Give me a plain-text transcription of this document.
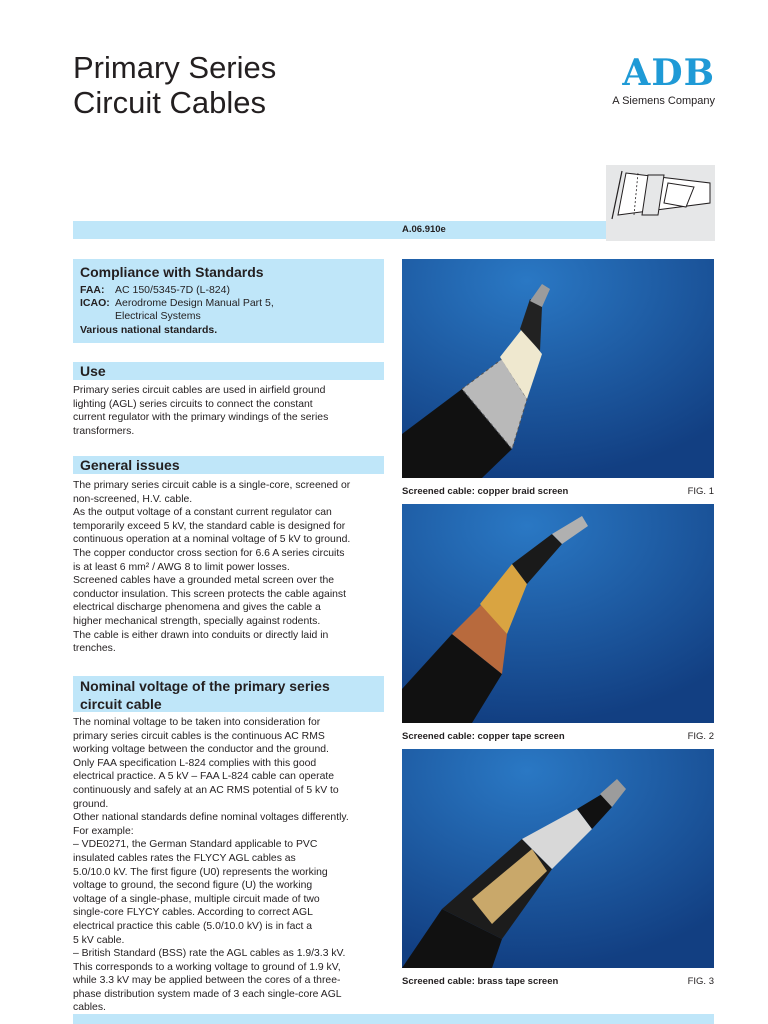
Primary Series
Circuit Cables
ADB
A Siemens Company
A.06.910e
Compliance with Standards
FAA: AC 150/5345-7D (L-824)
ICAO: Aerodrome Design Manual Part 5,
Electrical Systems
Various national standards.
Use

Primary series circuit cables are used in airfield ground

lighting (AGL) series circuits to connect the constant

current regulator with the primary windings of the series

transformers.

General issues

The primary series circuit cable is a single-core, screened or

non-screened, H.V. cable.

As the output voltage of a constant current regulator can

temporarily exceed 5 kV, the standard cable is designed for

continuous operation at a nominal voltage of 5 kV to ground.

The copper conductor cross section for 6.6 A series circuits

is at least 6 mm² / AWG 8 to limit power losses.

Screened cables have a grounded metal screen over the

conductor insulation. This screen protects the cable against

electrical discharge phenomena and gives the cable a

higher mechanical strength, specially against rodents.

The cable is either drawn into conduits or directly laid in

trenches.

Nominal voltage of the primary series
circuit cable

The nominal voltage to be taken into consideration for

primary series circuit cables is the continuous AC RMS

working voltage between the conductor and the ground.

Only FAA specification L-824 complies with this good

electrical practice. A 5 kV – FAA L-824 cable can operate

continuously and safely at an AC RMS potential of 5 kV to

ground.

Other national standards define nominal voltages differently.

For example:

– VDE0271, the German Standard applicable to PVC

insulated cables rates the FLYCY AGL cables as

5.0/10.0 kV. The first figure (U0) represents the working

voltage to ground, the second figure (U) the working

voltage of a single-phase, multiple circuit made of two

single-core FLYCY cables. According to correct AGL

electrical practice this cable (5.0/10.0 kV) is in fact a

5 kV cable.

– British Standard (BSS) rate the AGL cables as 1.9/3.3 kV.

This corresponds to a working voltage to ground of 1.9 kV,

while 3.3 kV may be applied between the cores of a three-

phase distribution system made of 3 each single-core AGL

cables.

Screened cable: copper braid screen	FIG. 1
Screened cable: copper tape screen	FIG. 2
Screened cable: brass tape screen	FIG. 3
